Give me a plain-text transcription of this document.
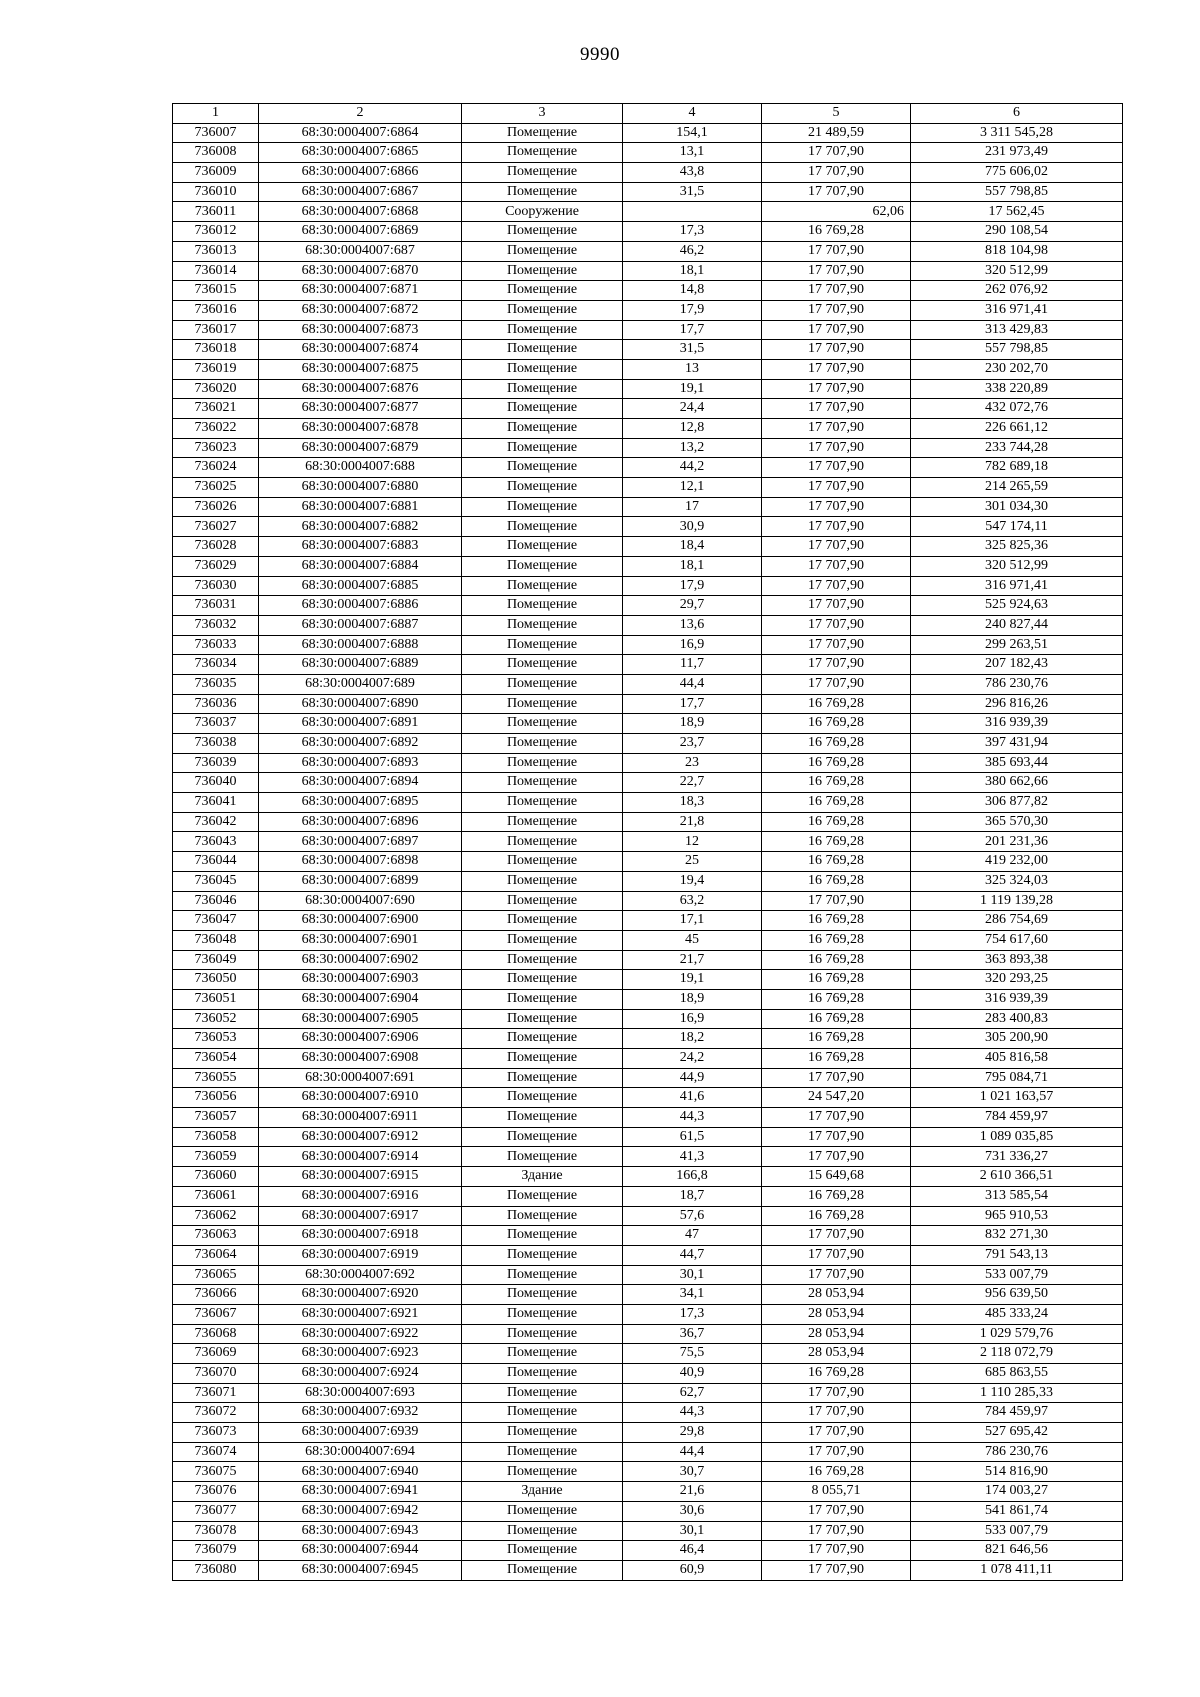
9990
1	2	3	4	5	6
736007	68:30:0004007:6864	Помещение	154,1	21 489,59	3 311 545,28
736008	68:30:0004007:6865	Помещение	13,1	17 707,90	231 973,49
736009	68:30:0004007:6866	Помещение	43,8	17 707,90	775 606,02
736010	68:30:0004007:6867	Помещение	31,5	17 707,90	557 798,85
736011	68:30:0004007:6868	Сооружение		62,06	17 562,45
736012	68:30:0004007:6869	Помещение	17,3	16 769,28	290 108,54
736013	68:30:0004007:687	Помещение	46,2	17 707,90	818 104,98
736014	68:30:0004007:6870	Помещение	18,1	17 707,90	320 512,99
736015	68:30:0004007:6871	Помещение	14,8	17 707,90	262 076,92
736016	68:30:0004007:6872	Помещение	17,9	17 707,90	316 971,41
736017	68:30:0004007:6873	Помещение	17,7	17 707,90	313 429,83
736018	68:30:0004007:6874	Помещение	31,5	17 707,90	557 798,85
736019	68:30:0004007:6875	Помещение	13	17 707,90	230 202,70
736020	68:30:0004007:6876	Помещение	19,1	17 707,90	338 220,89
736021	68:30:0004007:6877	Помещение	24,4	17 707,90	432 072,76
736022	68:30:0004007:6878	Помещение	12,8	17 707,90	226 661,12
736023	68:30:0004007:6879	Помещение	13,2	17 707,90	233 744,28
736024	68:30:0004007:688	Помещение	44,2	17 707,90	782 689,18
736025	68:30:0004007:6880	Помещение	12,1	17 707,90	214 265,59
736026	68:30:0004007:6881	Помещение	17	17 707,90	301 034,30
736027	68:30:0004007:6882	Помещение	30,9	17 707,90	547 174,11
736028	68:30:0004007:6883	Помещение	18,4	17 707,90	325 825,36
736029	68:30:0004007:6884	Помещение	18,1	17 707,90	320 512,99
736030	68:30:0004007:6885	Помещение	17,9	17 707,90	316 971,41
736031	68:30:0004007:6886	Помещение	29,7	17 707,90	525 924,63
736032	68:30:0004007:6887	Помещение	13,6	17 707,90	240 827,44
736033	68:30:0004007:6888	Помещение	16,9	17 707,90	299 263,51
736034	68:30:0004007:6889	Помещение	11,7	17 707,90	207 182,43
736035	68:30:0004007:689	Помещение	44,4	17 707,90	786 230,76
736036	68:30:0004007:6890	Помещение	17,7	16 769,28	296 816,26
736037	68:30:0004007:6891	Помещение	18,9	16 769,28	316 939,39
736038	68:30:0004007:6892	Помещение	23,7	16 769,28	397 431,94
736039	68:30:0004007:6893	Помещение	23	16 769,28	385 693,44
736040	68:30:0004007:6894	Помещение	22,7	16 769,28	380 662,66
736041	68:30:0004007:6895	Помещение	18,3	16 769,28	306 877,82
736042	68:30:0004007:6896	Помещение	21,8	16 769,28	365 570,30
736043	68:30:0004007:6897	Помещение	12	16 769,28	201 231,36
736044	68:30:0004007:6898	Помещение	25	16 769,28	419 232,00
736045	68:30:0004007:6899	Помещение	19,4	16 769,28	325 324,03
736046	68:30:0004007:690	Помещение	63,2	17 707,90	1 119 139,28
736047	68:30:0004007:6900	Помещение	17,1	16 769,28	286 754,69
736048	68:30:0004007:6901	Помещение	45	16 769,28	754 617,60
736049	68:30:0004007:6902	Помещение	21,7	16 769,28	363 893,38
736050	68:30:0004007:6903	Помещение	19,1	16 769,28	320 293,25
736051	68:30:0004007:6904	Помещение	18,9	16 769,28	316 939,39
736052	68:30:0004007:6905	Помещение	16,9	16 769,28	283 400,83
736053	68:30:0004007:6906	Помещение	18,2	16 769,28	305 200,90
736054	68:30:0004007:6908	Помещение	24,2	16 769,28	405 816,58
736055	68:30:0004007:691	Помещение	44,9	17 707,90	795 084,71
736056	68:30:0004007:6910	Помещение	41,6	24 547,20	1 021 163,57
736057	68:30:0004007:6911	Помещение	44,3	17 707,90	784 459,97
736058	68:30:0004007:6912	Помещение	61,5	17 707,90	1 089 035,85
736059	68:30:0004007:6914	Помещение	41,3	17 707,90	731 336,27
736060	68:30:0004007:6915	Здание	166,8	15 649,68	2 610 366,51
736061	68:30:0004007:6916	Помещение	18,7	16 769,28	313 585,54
736062	68:30:0004007:6917	Помещение	57,6	16 769,28	965 910,53
736063	68:30:0004007:6918	Помещение	47	17 707,90	832 271,30
736064	68:30:0004007:6919	Помещение	44,7	17 707,90	791 543,13
736065	68:30:0004007:692	Помещение	30,1	17 707,90	533 007,79
736066	68:30:0004007:6920	Помещение	34,1	28 053,94	956 639,50
736067	68:30:0004007:6921	Помещение	17,3	28 053,94	485 333,24
736068	68:30:0004007:6922	Помещение	36,7	28 053,94	1 029 579,76
736069	68:30:0004007:6923	Помещение	75,5	28 053,94	2 118 072,79
736070	68:30:0004007:6924	Помещение	40,9	16 769,28	685 863,55
736071	68:30:0004007:693	Помещение	62,7	17 707,90	1 110 285,33
736072	68:30:0004007:6932	Помещение	44,3	17 707,90	784 459,97
736073	68:30:0004007:6939	Помещение	29,8	17 707,90	527 695,42
736074	68:30:0004007:694	Помещение	44,4	17 707,90	786 230,76
736075	68:30:0004007:6940	Помещение	30,7	16 769,28	514 816,90
736076	68:30:0004007:6941	Здание	21,6	8 055,71	174 003,27
736077	68:30:0004007:6942	Помещение	30,6	17 707,90	541 861,74
736078	68:30:0004007:6943	Помещение	30,1	17 707,90	533 007,79
736079	68:30:0004007:6944	Помещение	46,4	17 707,90	821 646,56
736080	68:30:0004007:6945	Помещение	60,9	17 707,90	1 078 411,11
